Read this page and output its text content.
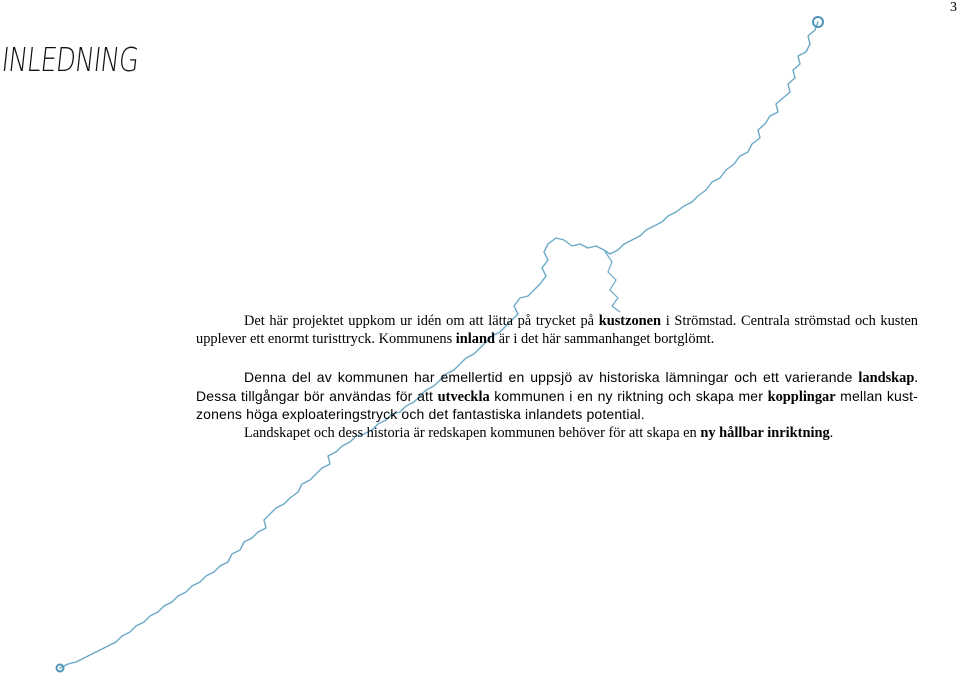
3
INLEDNING
Det här projektet uppkom ur idén om att lätta på trycket på kustzonen i Strömstad. Centrala strömstad och kusten upplever ett enormt turisttryck. Kommunens inland är i det här sammanhanget bortglömt.
Denna del av kommunen har emellertid en uppsjö av historiska lämningar och ett varierande landskap. Dessa tillgångar bör användas för att utveckla kommunen i en ny riktning och skapa mer kopplingar mellan kust-zonens höga exploateringstryck och det fantastiska inlandets potential.
Landskapet och dess historia är redskapen kommunen behöver för att skapa en ny hållbar inriktning.
